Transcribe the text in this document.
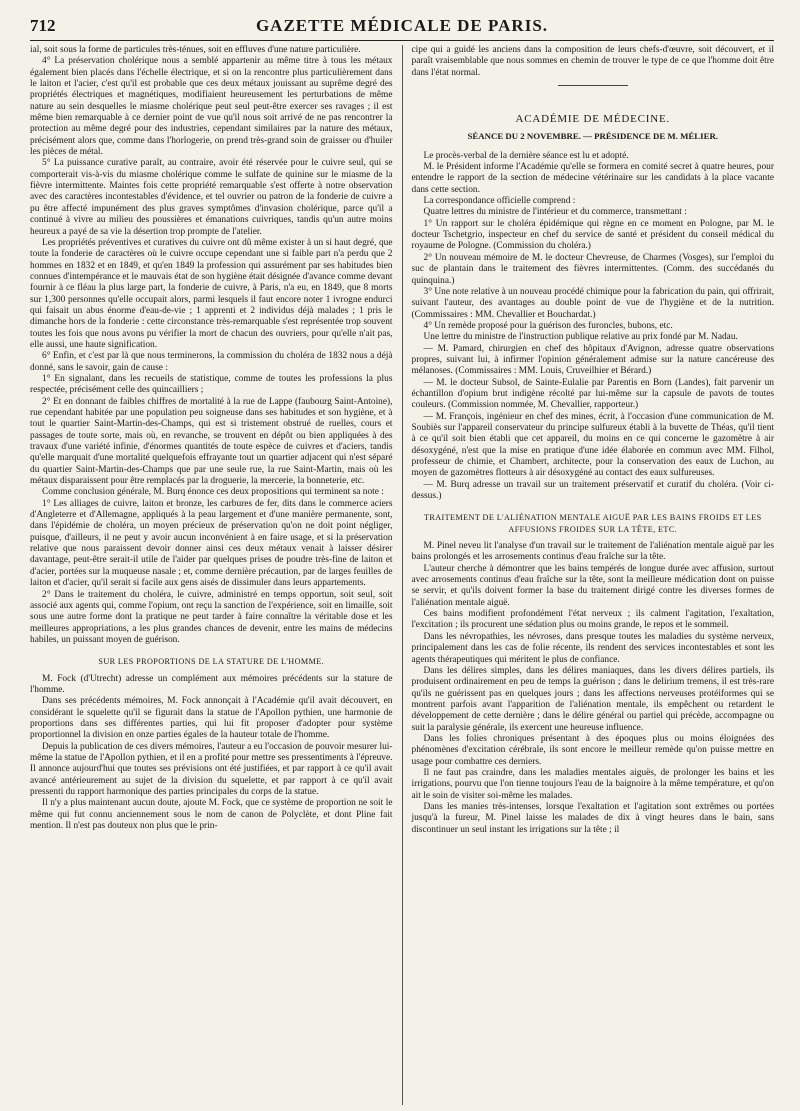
712	GAZETTE MÉDICALE DE PARIS.

ial, soit sous la forme de particules très-ténues, soit en effluves d'une nature particulière.

4° La préservation cholérique nous a semblé appartenir au même titre à tous les métaux également bien placés dans l'échelle électrique, et si on la rencontre plus particulièrement dans le laiton et l'acier, c'est qu'il est probable que ces deux métaux jouissant au suprême degré des propriétés électriques et magnétiques, modifiaient heureusement les perturbations de même nature au sein desquelles le miasme cholérique peut seul peut-être exercer ses ravages ; il est même bien remarquable à ce dernier point de vue qu'il nous soit arrivé de ne pas rencontrer la protection au même degré pour des industries, cependant similaires par la nature des métaux, précisément alors que, comme dans l'horlogerie, on prend très-grand soin de graisser ou d'huiler les pièces de métal.

5° La puissance curative paraît, au contraire, avoir été réservée pour le cuivre seul, qui se comporterait vis-à-vis du miasme cholérique comme le sulfate de quinine sur le miasme de la fièvre intermittente. Maintes fois cette propriété remarquable s'est offerte à notre observation avec des caractères incontestables d'évidence, et tel ouvrier ou patron de la fonderie de cuivre a pu être affecté impunément des plus graves symptômes d'invasion cholérique, parce qu'il a continué à vivre au milieu des poussières et émanations cuivriques, tandis qu'un autre moins heureux a payé de sa vie la désertion trop prompte de l'atelier.

Les propriétés préventives et curatives du cuivre ont dû même exister à un si haut degré, que toute la fonderie de caractères où le cuivre occupe cependant une si faible part n'a perdu que 2 hommes en 1832 et en 1849, et qu'en 1849 la profession qui assurément par ses habitudes bien connues d'intempérance et le mauvais état de son hygiène était désignée d'avance comme devant fournir à ce fléau la plus large part, la fonderie de cuivre, à Paris, n'a eu, en 1849, que 8 morts sur 1,300 personnes qu'elle occupait alors, parmi lesquels il faut encore noter 1 ivrogne endurci qui faisait un abus énorme d'eau-de-vie ; 1 apprenti et 2 individus déjà malades ; 1 pris le dimanche hors de la fonderie : cette circonstance très-remarquable s'est représentée trop souvent toutes les fois que nous avons pu vérifier la mort de chacun des ouvriers, pour qu'elle n'ait pas, elle aussi, une haute signification.

6° Enfin, et c'est par là que nous terminerons, la commission du choléra de 1832 nous a déjà donné, sans le savoir, gain de cause :

1° En signalant, dans les recueils de statistique, comme de toutes les professions la plus respectée, précisément celle des quincailliers ;

2° Et en donnant de faibles chiffres de mortalité à la rue de Lappe (faubourg Saint-Antoine), rue cependant habitée par une population peu soigneuse dans ses habitudes et son hygiène, et à tout le quartier Saint-Martin-des-Champs, qui est si tristement obstrué de ruelles, cours et passages de toute sorte, mais où, en revanche, se trouvent en dépôt ou bien appliquées à des travaux d'une variété infinie, d'énormes quantités de toute espèce de cuivres et d'aciers, tandis qu'elle marquait d'une mortalité quelquefois effrayante tout un quartier adjacent qui n'est séparé du quartier Saint-Martin-des-Champs que par une seule rue, la rue Saint-Martin, mais où les métaux disparaissent pour être remplacés par la droguerie, la mercerie, la bonneterie, etc.

Comme conclusion générale, M. Burq énonce ces deux propositions qui terminent sa note :

1° Les alliages de cuivre, laiton et bronze, les carbures de fer, dits dans le commerce aciers d'Angleterre et d'Allemagne, appliqués à la peau largement et d'une manière permanente, sont, dans l'épidémie de choléra, un moyen précieux de préservation qu'on ne doit point négliger, puisque, d'ailleurs, il ne peut y avoir aucun inconvénient à en faire usage, et si la préservation relative que nous paraissent devoir donner ainsi ces deux métaux venait à laisser désirer davantage, peut-être serait-il utile de l'aider par quelques prises de poudre très-fine de laiton et d'acier, portées sur la muqueuse nasale ; et, comme dernière précaution, par de larges feuilles de laiton et d'acier, qu'il serait si facile aux gens aisés de dissimuler dans leurs appartements.

2° Dans le traitement du choléra, le cuivre, administré en temps opportun, soit seul, soit associé aux agents qui, comme l'opium, ont reçu la sanction de l'expérience, soit en limaille, soit sous une autre forme dont la pratique ne peut tarder à faire connaître la véritable dose et les meilleures appropriations, a les plus grandes chances de devenir, entre les mains de médecins habiles, un puissant moyen de guérison.

SUR LES PROPORTIONS DE LA STATURE DE L'HOMME.

M. Fock (d'Utrecht) adresse un complément aux mémoires précédents sur la stature de l'homme.

Dans ses précédents mémoires, M. Fock annonçait à l'Académie qu'il avait découvert, en considérant le squelette qu'il se figurait dans la statue de l'Apollon pythien, une harmonie de proportions dans ses différentes parties, qui lui fit proposer d'adopter pour système proportionnel la division en onze parties égales de la hauteur totale de l'homme.

Depuis la publication de ces divers mémoires, l'auteur a eu l'occasion de pouvoir mesurer lui-même la statue de l'Apollon pythien, et il en a profité pour mettre ses pressentiments à l'épreuve. Il annonce aujourd'hui que toutes ses prévisions ont été justifiées, et par rapport à ce qu'il avait avancé antérieurement au sujet de la division du squelette, et par rapport à ce qu'il avait pressenti du rapport harmonique des parties principales du corps de la statue.

Il n'y a plus maintenant aucun doute, ajoute M. Fock, que ce système de proportion ne soit le même qui fut connu anciennement sous le nom de canon de Polyclète, et dont Pline fait mention. Il n'est pas douteux non plus que le prin-

cipe qui a guidé les anciens dans la composition de leurs chefs-d'œuvre, soit découvert, et il paraît vraisemblable que nous sommes en chemin de trouver le type de ce que l'homme doit être dans l'état normal.

ACADÉMIE DE MÉDECINE.
SÉANCE DU 2 NOVEMBRE. — PRÉSIDENCE DE M. MÉLIER.

Le procès-verbal de la dernière séance est lu et adopté.

M. le Président informe l'Académie qu'elle se formera en comité secret à quatre heures, pour entendre le rapport de la section de médecine vétérinaire sur les candidats à la place vacante dans cette section.

La correspondance officielle comprend :

Quatre lettres du ministre de l'intérieur et du commerce, transmettant :

1° Un rapport sur le choléra épidémique qui règne en ce moment en Pologne, par M. le docteur Tschetgrio, inspecteur en chef du service de santé et président du conseil médical du royaume de Pologne. (Commission du choléra.)

2° Un nouveau mémoire de M. le docteur Chevreuse, de Charmes (Vosges), sur l'emploi du suc de plantain dans le traitement des fièvres intermittentes. (Comm. des succédanés du quinquina.)

3° Une note relative à un nouveau procédé chimique pour la fabrication du pain, qui offrirait, suivant l'auteur, des avantages au double point de vue de l'hygiène et de la nutrition. (Commissaires : MM. Chevallier et Bouchardat.)

4° Un remède proposé pour la guérison des furoncles, bubons, etc.

Une lettre du ministre de l'instruction publique relative au prix fondé par M. Nadau.

— M. Pamard, chirurgien en chef des hôpitaux d'Avignon, adresse quatre observations propres, suivant lui, à infirmer l'opinion généralement admise sur la nature cancéreuse des mélanoses. (Commissaires : MM. Louis, Cruveilhier et Bérard.)

— M. le docteur Subsol, de Sainte-Eulalie par Parentis en Born (Landes), fait parvenir un échantillon d'opium brut indigène récolté par lui-même sur la capsule de pavots de toutes couleurs. (Commission nommée, M. Chevallier, rapporteur.)

— M. François, ingénieur en chef des mines, écrit, à l'occasion d'une communication de M. Soubiès sur l'appareil conservateur du principe sulfureux établi à la buvette de Théas, qu'il tient à ce qu'il soit bien établi que cet appareil, du moins en ce qui concerne le gazomètre à air désoxygéné, n'est que la mise en pratique d'une idée élaborée en commun avec MM. Filhol, professeur de chimie, et Chambert, architecte, pour la conservation des eaux de Luchon, au moyen de gazomètres flotteurs à air désoxygéné au contact des eaux sulfureuses.

— M. Burq adresse un travail sur un traitement préservatif et curatif du choléra. (Voir ci-dessus.)

TRAITEMENT DE L'ALIÉNATION MENTALE AIGUË PAR LES BAINS FROIDS ET LES AFFUSIONS FROIDES SUR LA TÊTE, ETC.

M. Pinel neveu lit l'analyse d'un travail sur le traitement de l'aliénation mentale aiguë par les bains prolongés et les arrosements continus d'eau fraîche sur la tête.

L'auteur cherche à démontrer que les bains tempérés de longue durée avec affusion, surtout avec arrosements continus d'eau fraîche sur la tête, sont la meilleure médication dont on puisse se servir, et qu'ils doivent former la base du traitement dirigé contre les diverses formes de l'aliénation mentale aiguë.

Ces bains modifient profondément l'état nerveux ; ils calment l'agitation, l'exaltation, l'excitation ; ils procurent une sédation plus ou moins grande, le repos et le sommeil.

Dans les névropathies, les névroses, dans presque toutes les maladies du système nerveux, principalement dans les cas de folie récente, ils rendent des services incontestables et sont les agents thérapeutiques qui méritent le plus de confiance.

Dans les délires simples, dans les délires maniaques, dans les divers délires partiels, ils produisent ordinairement en peu de temps la guérison ; dans le delirium tremens, il est très-rare qu'ils ne guérissent pas en quelques jours ; dans les affections nerveuses protéiformes qui se montrent parfois avant l'apparition de l'aliénation mentale, ils empêchent ou retardent le développement de cette dernière ; dans le délire général ou partiel qui précède, accompagne ou suit la paralysie générale, ils exercent une heureuse influence.

Dans les folies chroniques présentant à des époques plus ou moins éloignées des phénomènes d'excitation cérébrale, ils sont encore le meilleur remède qu'on puisse mettre en usage pour combattre ces derniers.

Il ne faut pas craindre, dans les maladies mentales aiguës, de prolonger les bains et les irrigations, pourvu que l'on tienne toujours l'eau de la baignoire à la même température, et qu'on ait le soin de visiter soi-même les malades.

Dans les manies très-intenses, lorsque l'exaltation et l'agitation sont extrêmes ou portées jusqu'à la fureur, M. Pinel laisse les malades de dix à vingt heures dans le bain, sans discontinuer un seul instant les irrigations sur la tête ; il
